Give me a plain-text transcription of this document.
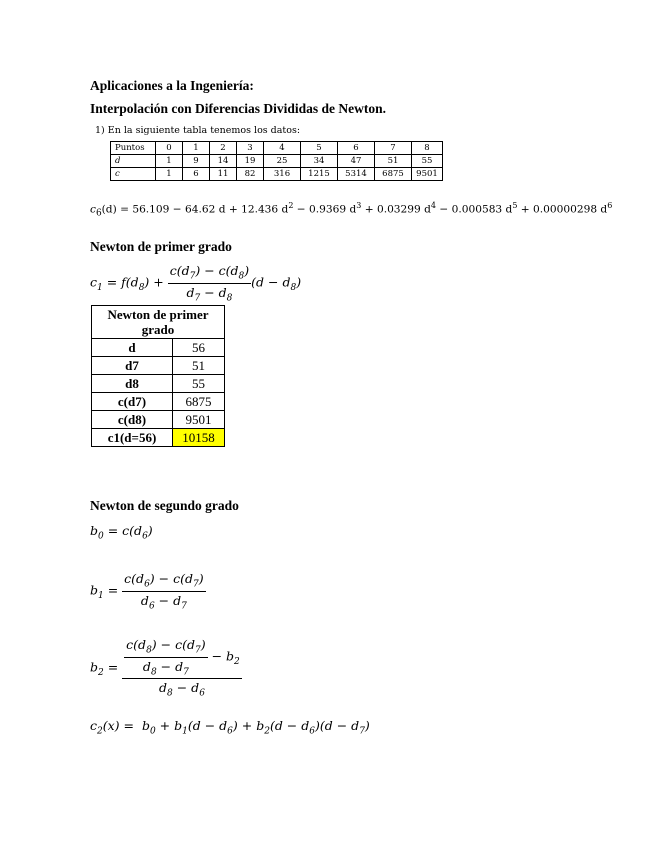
Aplicaciones a la Ingeniería:
Interpolación con Diferencias Divididas de Newton.
1) En la siguiente tabla tenemos los datos:
Puntos	0	1	2	3	4	5	6	7	8
d	1	9	14	19	25	34	47	51	55
c	1	6	11	82	316	1215	5314	6875	9501
$c_6(d) = 56.109 - 64.62$ d + 12.436 $d^2 - 0.9369$ $d^3 + 0.03299$ $d^4 - 0.000583$ $d^5 + 0.00000298$ $d^6$
Newton de primer grado
$c_1 = f(d_8) + \frac{c(d_7) - c(d_8)}{d_7 - d_8} (d - d_8)$
Newton de primer grado	
d	56
d7	51
d8	55
c(d7)	6875
c(d8)	9501
c1(d=56)	10158
Newton de segundo grado
$b_0 = c(d_6)$
$b_1 = \frac{c(d_6) - c(d_7)}{d_6 - d_7}$
$b_2 = \frac{\frac{c(d_8) - c(d_7)}{d_8 - d_7} - b_2}{d_8 - d_6}$
$c_2(x) = b_0 + b_1(d - d_6) + b_2(d - d_6)(d - d_7)$
